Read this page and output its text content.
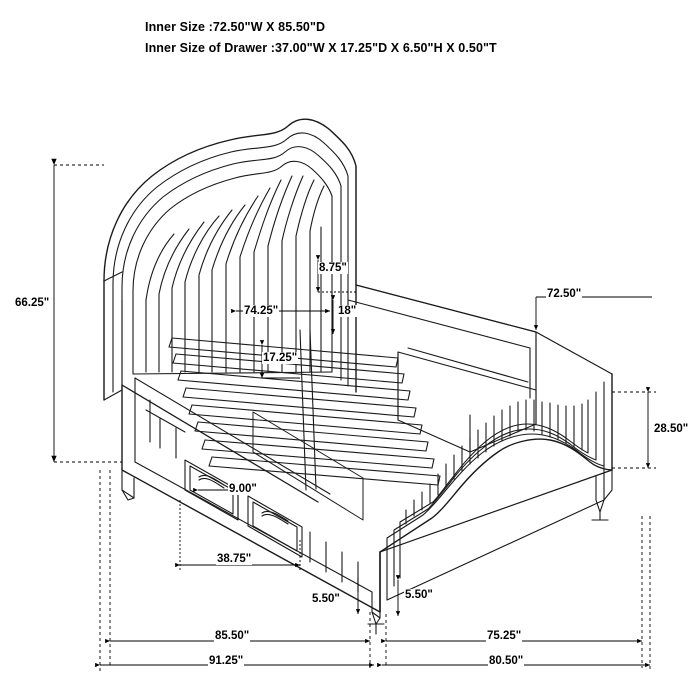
Inner Size :72.50"W X 85.50"D
Inner Size of Drawer :37.00"W X 17.25"D X 6.50"H X 0.50"T
66.25"
74.25"
8.75"
18"
17.25"
72.50"
28.50"
9.00"
38.75"
5.50"	5.50"
85.50"	75.25"
91.25"	80.50"
